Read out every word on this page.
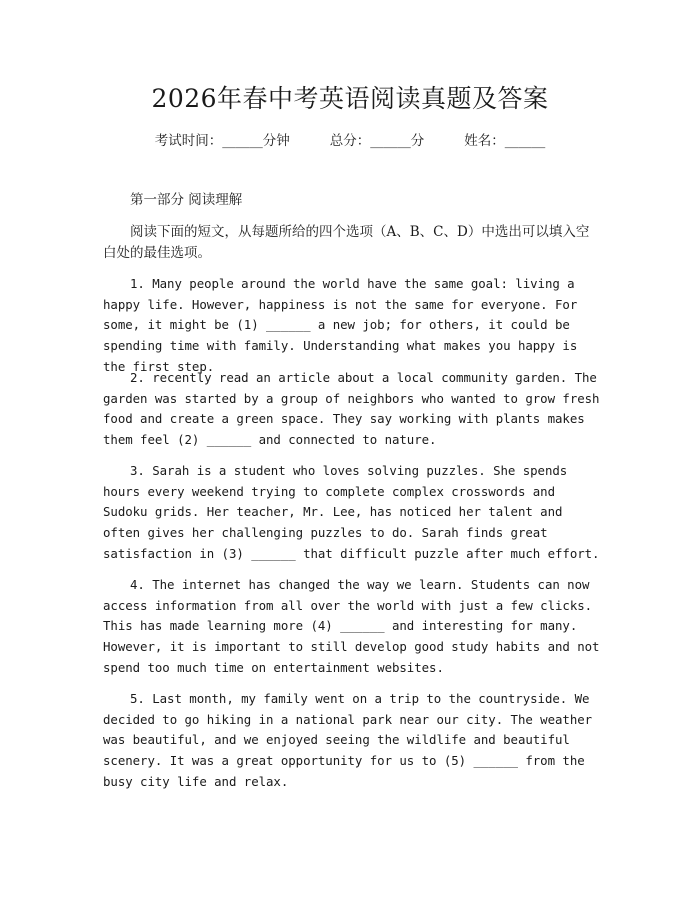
2026年春中考英语阅读真题及答案
考试时间：______分钟	总分：______分	姓名：______
第一部分 阅读理解
阅读下面的短文，从每题所给的四个选项（A、B、C、D）中选出可以填入空白处的最佳选项。
1. Many people around the world have the same goal: living a happy life. However, happiness is not the same for everyone. For some, it might be (1) ______ a new job; for others, it could be spending time with family. Understanding what makes you happy is the first step.
2. recently read an article about a local community garden. The garden was started by a group of neighbors who wanted to grow fresh food and create a green space. They say working with plants makes them feel (2) ______ and connected to nature.
3. Sarah is a student who loves solving puzzles. She spends hours every weekend trying to complete complex crosswords and Sudoku grids. Her teacher, Mr. Lee, has noticed her talent and often gives her challenging puzzles to do. Sarah finds great satisfaction in (3) ______ that difficult puzzle after much effort.
4. The internet has changed the way we learn. Students can now access information from all over the world with just a few clicks. This has made learning more (4) ______ and interesting for many. However, it is important to still develop good study habits and not spend too much time on entertainment websites.
5. Last month, my family went on a trip to the countryside. We decided to go hiking in a national park near our city. The weather was beautiful, and we enjoyed seeing the wildlife and beautiful scenery. It was a great opportunity for us to (5) ______ from the busy city life and relax.
